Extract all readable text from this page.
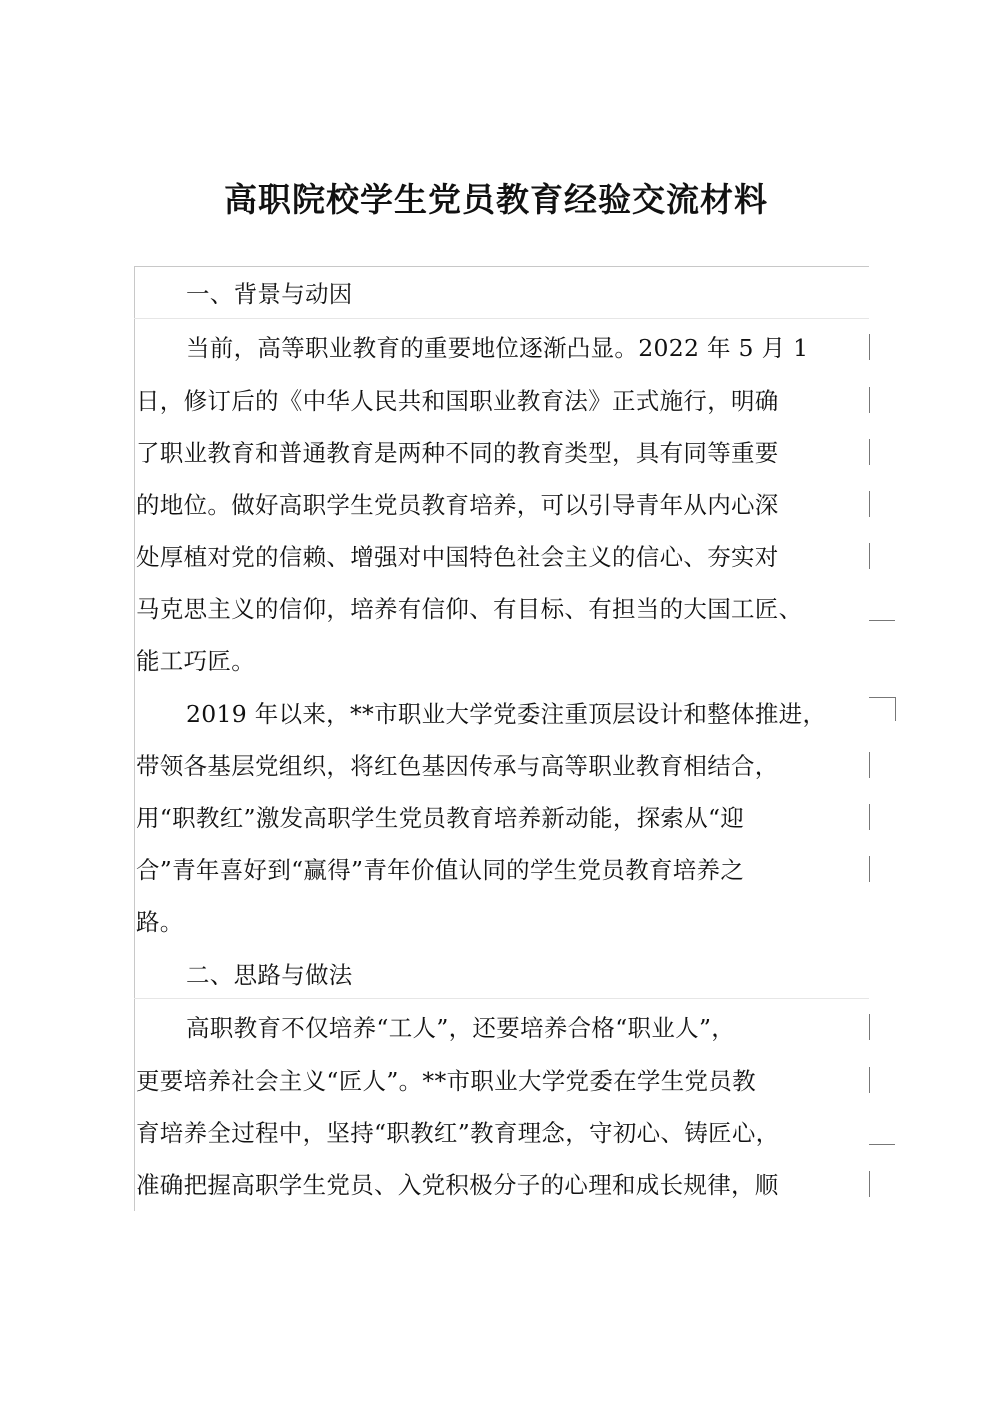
高职院校学生党员教育经验交流材料
一、背景与动因
当前，高等职业教育的重要地位逐渐凸显。2022 年 5 月 1
日，修订后的《中华人民共和国职业教育法》正式施行，明确
了职业教育和普通教育是两种不同的教育类型，具有同等重要
的地位。做好高职学生党员教育培养，可以引导青年从内心深
处厚植对党的信赖、增强对中国特色社会主义的信心、夯实对
马克思主义的信仰，培养有信仰、有目标、有担当的大国工匠、
能工巧匠。
2019 年以来，**市职业大学党委注重顶层设计和整体推进，
带领各基层党组织，将红色基因传承与高等职业教育相结合，
用“职教红”激发高职学生党员教育培养新动能，探索从“迎
合”青年喜好到“赢得”青年价值认同的学生党员教育培养之
路。
二、思路与做法
高职教育不仅培养“工人”，还要培养合格“职业人”，
更要培养社会主义“匠人”。**市职业大学党委在学生党员教
育培养全过程中，坚持“职教红”教育理念，守初心、铸匠心，
准确把握高职学生党员、入党积极分子的心理和成长规律，顺
